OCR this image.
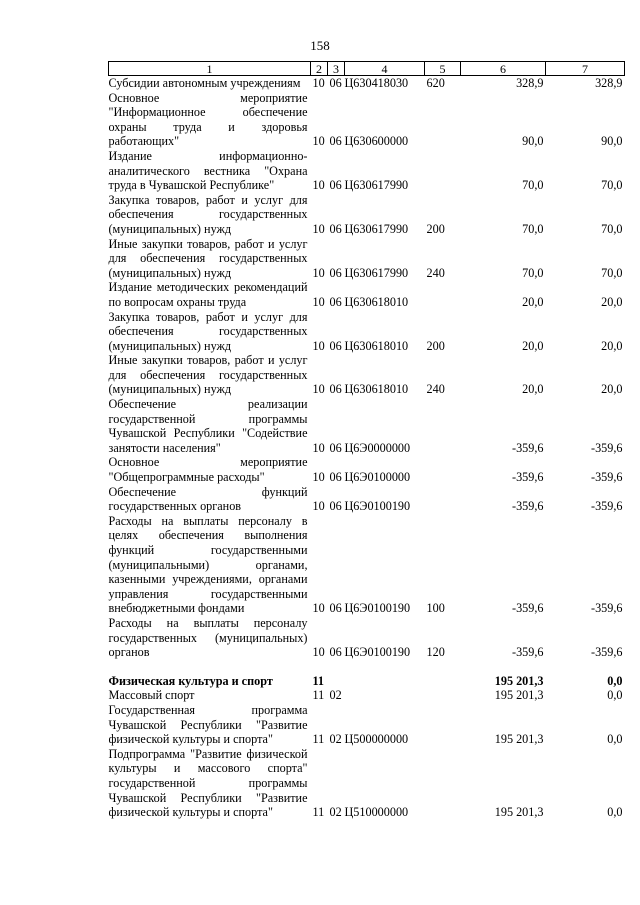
158
1	2	3	4	5	6	7
Субсидии автономным учреждениям	10	06	Ц630418030	620	328,9	328,9
Основное мероприятие "Информационное обеспечение охраны труда и здоровья работающих"	10	06	Ц630600000		90,0	90,0
Издание информационно-аналитического вестника "Охрана труда в Чувашской Республике"	10	06	Ц630617990		70,0	70,0
Закупка товаров, работ и услуг для обеспечения государственных (муниципальных) нужд	10	06	Ц630617990	200	70,0	70,0
Иные закупки товаров, работ и услуг для обеспечения государственных (муниципальных) нужд	10	06	Ц630617990	240	70,0	70,0
Издание методических рекомендаций по вопросам охраны труда	10	06	Ц630618010		20,0	20,0
Закупка товаров, работ и услуг для обеспечения государственных (муниципальных) нужд	10	06	Ц630618010	200	20,0	20,0
Иные закупки товаров, работ и услуг для обеспечения государственных (муниципальных) нужд	10	06	Ц630618010	240	20,0	20,0
Обеспечение реализации государственной программы Чувашской Республики "Содействие занятости населения"	10	06	Ц6Э0000000		-359,6	-359,6
Основное мероприятие "Общепрограммные расходы"	10	06	Ц6Э0100000		-359,6	-359,6
Обеспечение функций государственных органов	10	06	Ц6Э0100190		-359,6	-359,6
Расходы на выплаты персоналу в целях обеспечения выполнения функций государственными (муниципальными) органами, казенными учреждениями, органами управления государственными внебюджетными фондами	10	06	Ц6Э0100190	100	-359,6	-359,6
Расходы на выплаты персоналу государственных (муниципальных) органов	10	06	Ц6Э0100190	120	-359,6	-359,6

Физическая культура и спорт	11				195 201,3	0,0
Массовый спорт	11	02			195 201,3	0,0
Государственная программа Чувашской Республики "Развитие физической культуры и спорта"	11	02	Ц500000000		195 201,3	0,0
Подпрограмма "Развитие физической культуры и массового спорта" государственной программы Чувашской Республики "Развитие физической культуры и спорта"	11	02	Ц510000000		195 201,3	0,0
